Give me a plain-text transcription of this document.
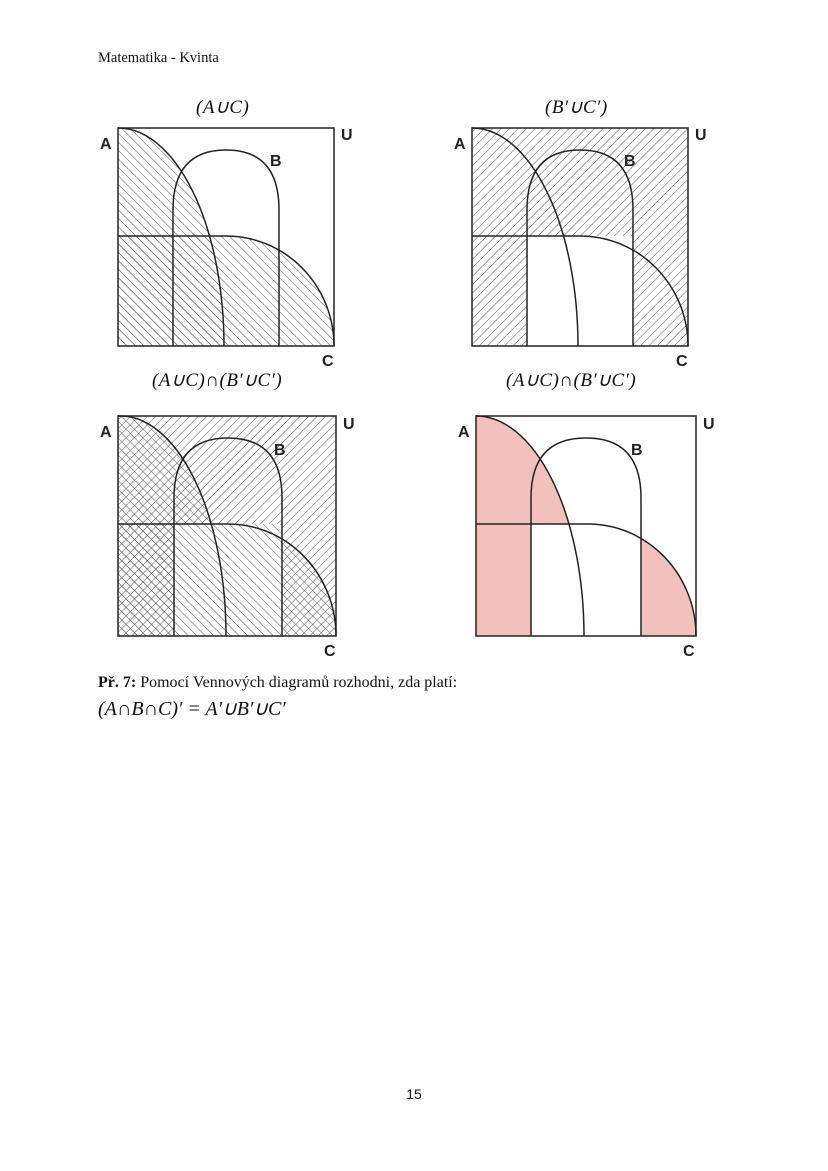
Matematika - Kvinta
(A∪C)	(B′∪C′)
(A∪C)∩(B′∪C′)	(A∪C)∩(B′∪C′)
A
B
C
U
A
B
C
U
A
B
C
U	A
B
C
U
Př. 7: Pomocí Vennových diagramů rozhodni, zda platí:
(A∩B∩C)′ = A′∪B′∪C′
15
